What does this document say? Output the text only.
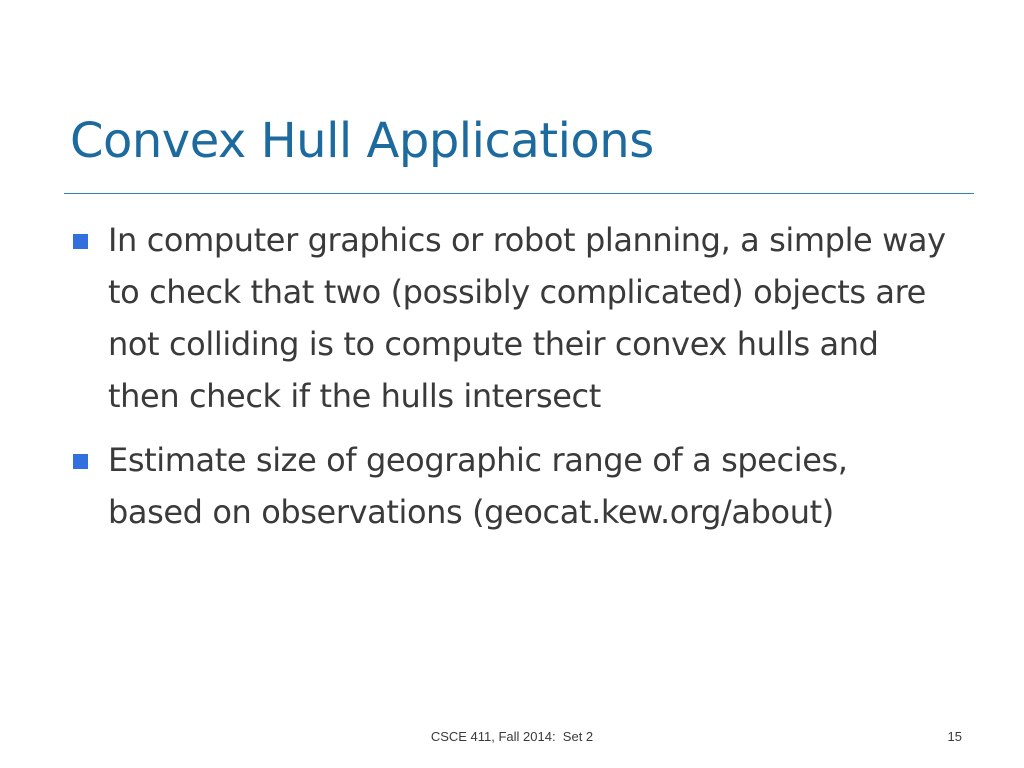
Convex Hull Applications
In computer graphics or robot planning, a simple way to check that two (possibly complicated) objects are not colliding is to compute their convex hulls and then check if the hulls intersect
Estimate size of geographic range of a species, based on observations (geocat.kew.org/about)
CSCE 411, Fall 2014:  Set 2	15
